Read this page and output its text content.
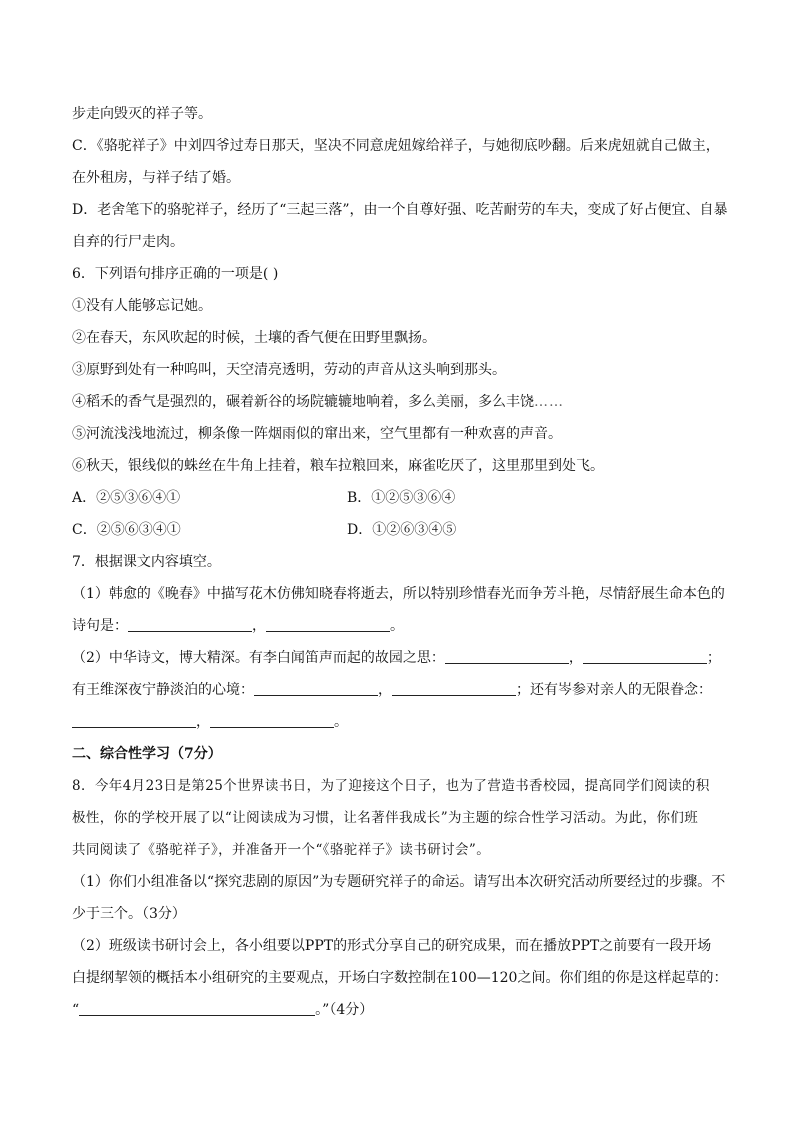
步走向毁灭的祥子等。
C．《骆驼祥子》中刘四爷过寿日那天，坚决不同意虎妞嫁给祥子，与她彻底吵翻。后来虎妞就自己做主，
在外租房，与祥子结了婚。
D．老舍笔下的骆驼祥子，经历了“三起三落”，由一个自尊好强、吃苦耐劳的车夫，变成了好占便宜、自暴
自弃的行尸走肉。
6．下列语句排序正确的一项是( )
①没有人能够忘记她。
②在春天，东风吹起的时候，土壤的香气便在田野里飘扬。
③原野到处有一种呜叫，天空清亮透明，劳动的声音从这头响到那头。
④稻禾的香气是强烈的，碾着新谷的场院辘辘地响着，多么美丽，多么丰饶……
⑤河流浅浅地流过，柳条像一阵烟雨似的窜出来，空气里都有一种欢喜的声音。
⑥秋天，银线似的蛛丝在牛角上挂着，粮车拉粮回来，麻雀吃厌了，这里那里到处飞。
A．②⑤③⑥④①	B．①②⑤③⑥④
C．②⑤⑥③④①	D．①②⑥③④⑤
7．根据课文内容填空。
（1）韩愈的《晚春》中描写花木仿佛知晓春将逝去，所以特别珍惜春光而争芳斗艳，尽情舒展生命本色的
诗句是：	，	。
（2）中华诗文，博大精深。有李白闻笛声而起的故园之思：	，	；
有王维深夜宁静淡泊的心境：	，	；还有岑参对亲人的无限眷念：
，	。
二、综合性学习（7分）
8．今年4月23日是第25个世界读书日，为了迎接这个日子，也为了营造书香校园，提高同学们阅读的积
极性，你的学校开展了以“让阅读成为习惯，让名著伴我成长”为主题的综合性学习活动。为此，你们班
共同阅读了《骆驼祥子》，并准备开一个“《骆驼祥子》读书研讨会”。
（1）你们小组准备以“探究悲剧的原因”为专题研究祥子的命运。请写出本次研究活动所要经过的步骤。不
少于三个。（3分）
（2）班级读书研讨会上，各小组要以PPT的形式分享自己的研究成果，而在播放PPT之前要有一段开场
白提纲挈领的概括本小组研究的主要观点，开场白字数控制在100—120之间。你们组的你是这样起草的：
“	。”（4分）
